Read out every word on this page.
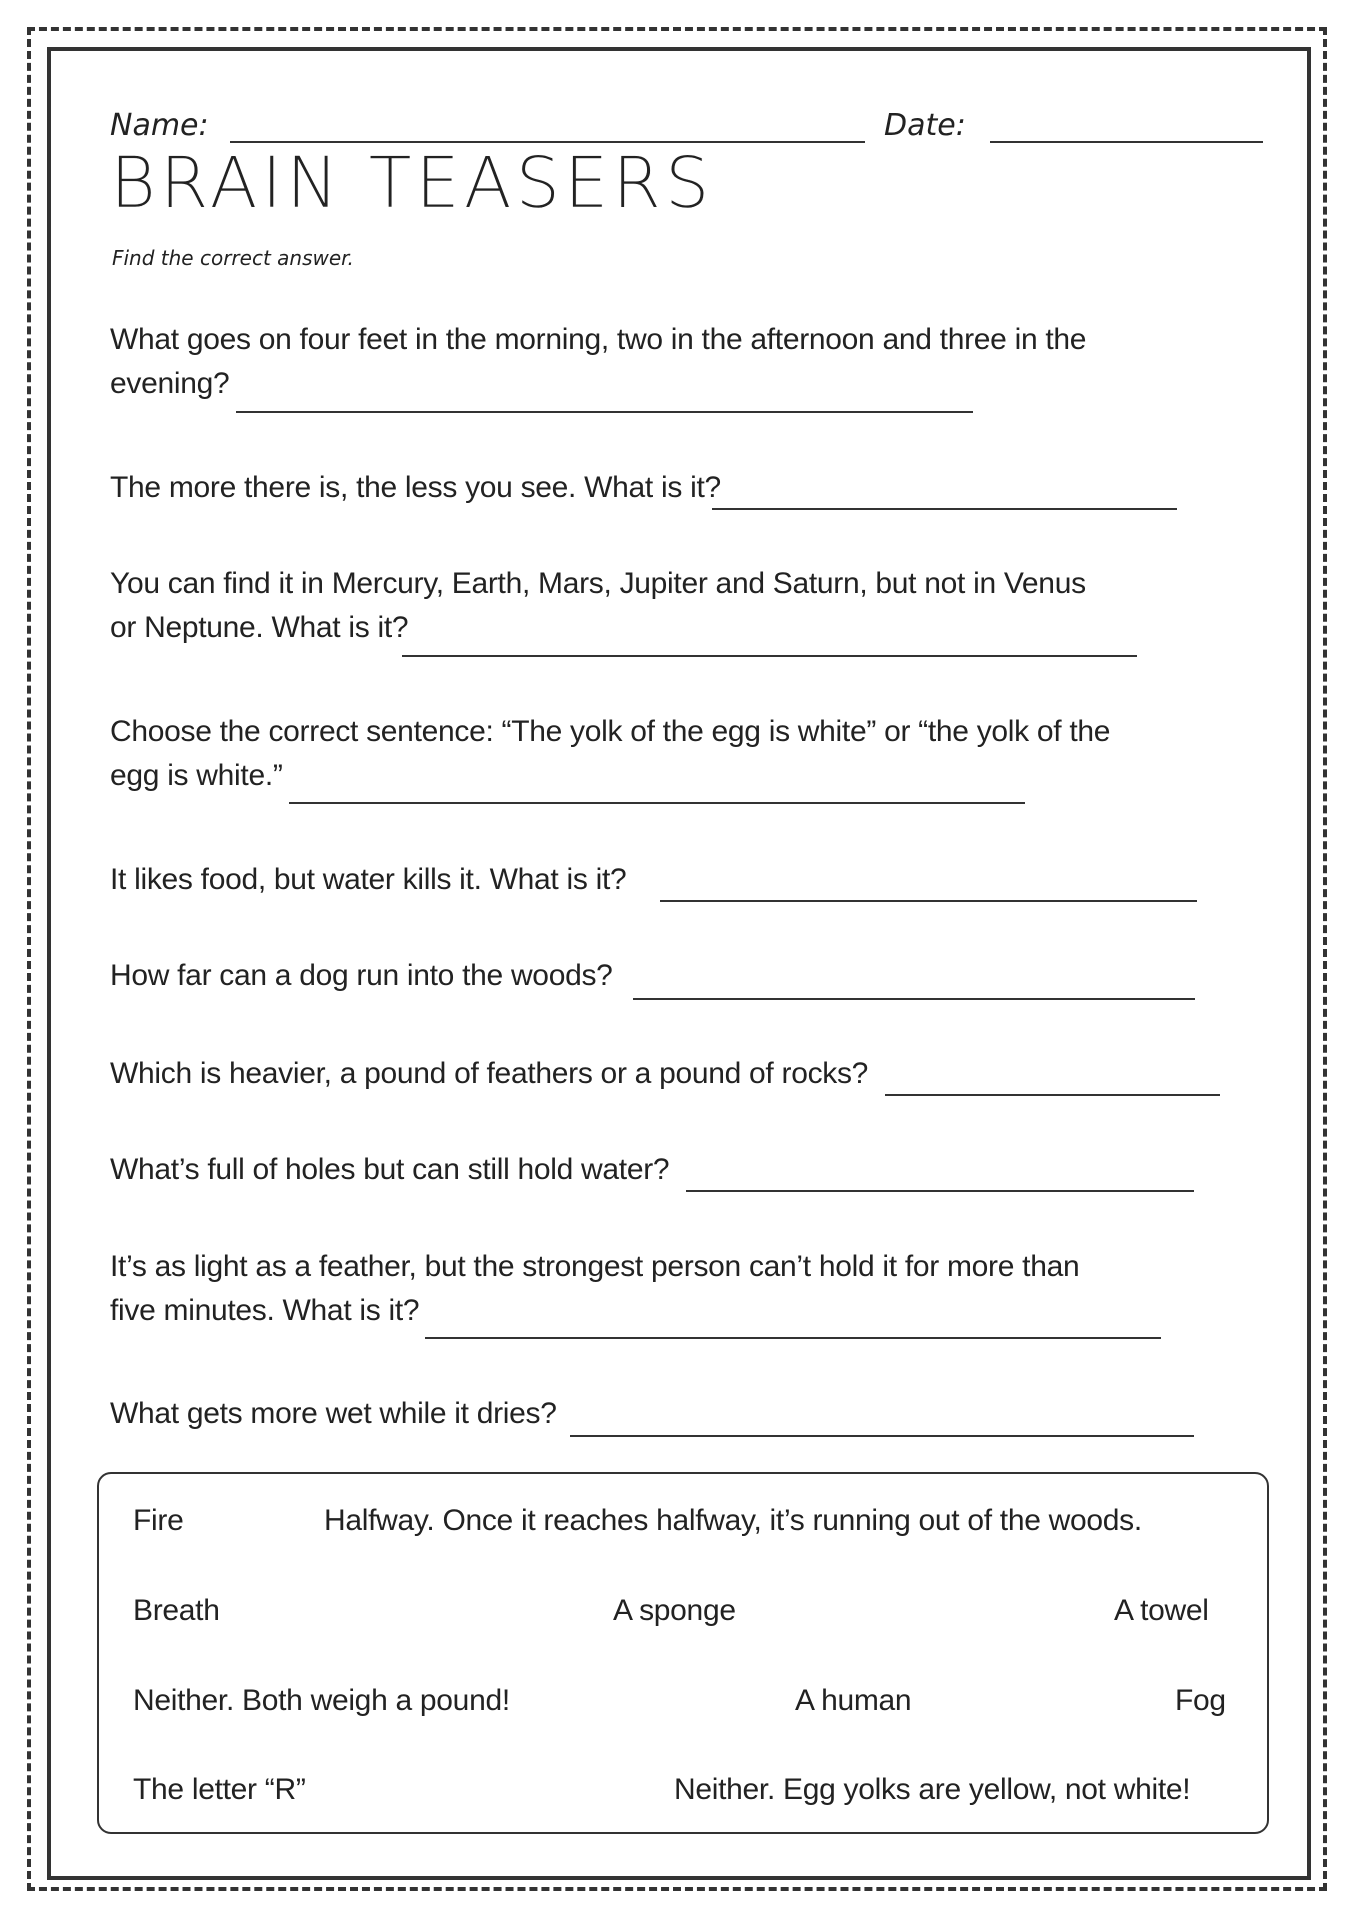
Name:	Date:
BRAIN TEASERS
Find the correct answer.
What goes on four feet in the morning, two in the afternoon and three in the
evening?
The more there is, the less you see. What is it?
You can find it in Mercury, Earth, Mars, Jupiter and Saturn, but not in Venus
or Neptune. What is it?
Choose the correct sentence: “The yolk of the egg is white” or “the yolk of the
egg is white.”
It likes food, but water kills it. What is it?
How far can a dog run into the woods?
Which is heavier, a pound of feathers or a pound of rocks?
What’s full of holes but can still hold water?
It’s as light as a feather, but the strongest person can’t hold it for more than
five minutes. What is it?
What gets more wet while it dries?
Fire	Halfway. Once it reaches halfway, it’s running out of the woods.
Breath	A sponge	A towel
Neither. Both weigh a pound!	A human	Fog
The letter “R”	Neither. Egg yolks are yellow, not white!
